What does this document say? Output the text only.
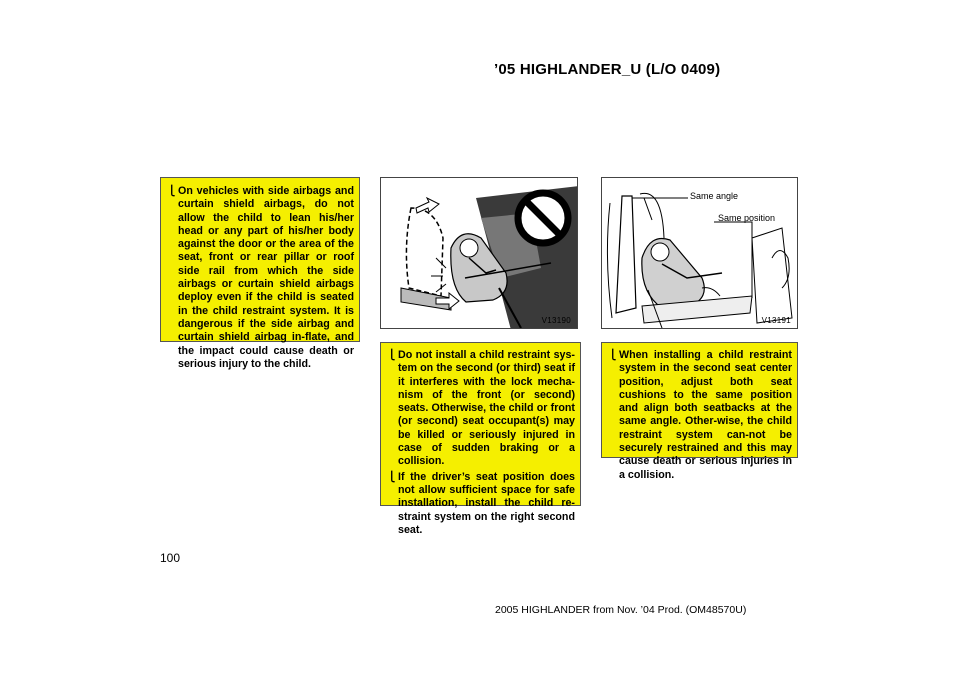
’05 HIGHLANDER_U (L/O 0409)
⎩ On vehicles with side airbags and curtain shield airbags, do not allow the child to lean his/her head or any part of his/her body against the door or the area of the seat, front or rear pillar or roof side rail from which the side airbags or curtain shield airbags deploy even if the child is seated in the child restraint system. It is dangerous if the side airbag and curtain shield airbag in-flate, and the impact could cause death or serious injury to the child.
V13190
Same angle
Same position
V13191
⎩ Do not install a child restraint sys-tem on the second (or third) seat if it interferes with the lock mecha-nism of the front (or second) seats. Otherwise, the child or front (or second) seat occupant(s) may be killed or seriously injured in case of sudden braking or a collision.
⎩ If the driver’s seat position does not allow sufficient space for safe installation, install the child re-straint system on the right second seat.
⎩ When installing a child restraint system in the second seat center position, adjust both seat cushions to the same position and align both seatbacks at the same angle. Other-wise, the child restraint system can-not be securely restrained and this may cause death or serious injuries in a collision.
100
2005 HIGHLANDER from Nov. ’04 Prod. (OM48570U)
